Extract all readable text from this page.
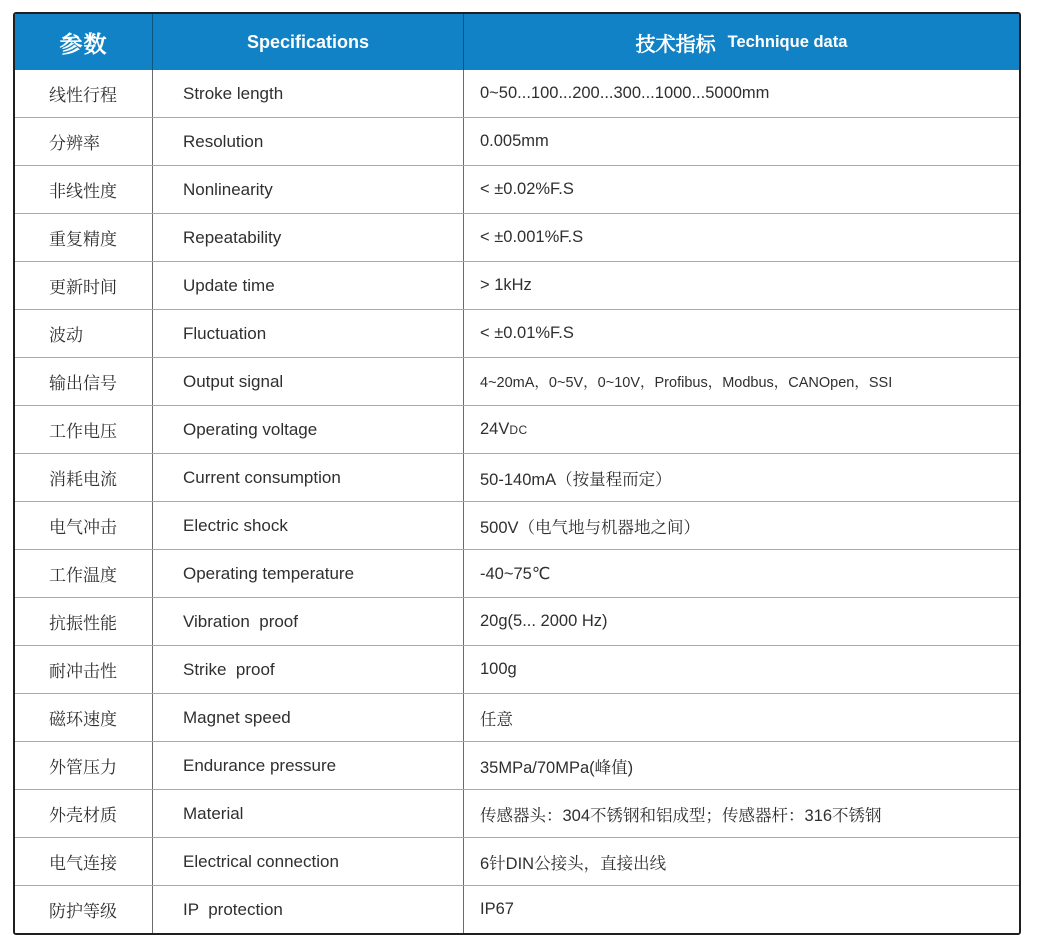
参数	Specifications	技术指标 Technique data
线性行程	Stroke length	0~50...100...200...300...1000...5000mm
分辨率	Resolution	0.005mm
非线性度	Nonlinearity	< ±0.02%F.S
重复精度	Repeatability	< ±0.001%F.S
更新时间	Update time	> 1kHz
波动	Fluctuation	< ±0.01%F.S
输出信号	Output signal	4~20mA，0~5V，0~10V，Profibus，Modbus，CANOpen，SSI
工作电压	Operating voltage	24VDC
消耗电流	Current consumption	50-140mA（按量程而定）
电气冲击	Electric shock	500V（电气地与机器地之间）
工作温度	Operating temperature	-40~75℃
抗振性能	Vibration  proof	20g(5... 2000 Hz)
耐冲击性	Strike  proof	100g
磁环速度	Magnet speed	任意
外管压力	Endurance pressure	35MPa/70MPa(峰值)
外壳材质	Material	传感器头：304不锈钢和铝成型；传感器杆：316不锈钢
电气连接	Electrical connection	6针DIN公接头，直接出线
防护等级	IP  protection	IP67
